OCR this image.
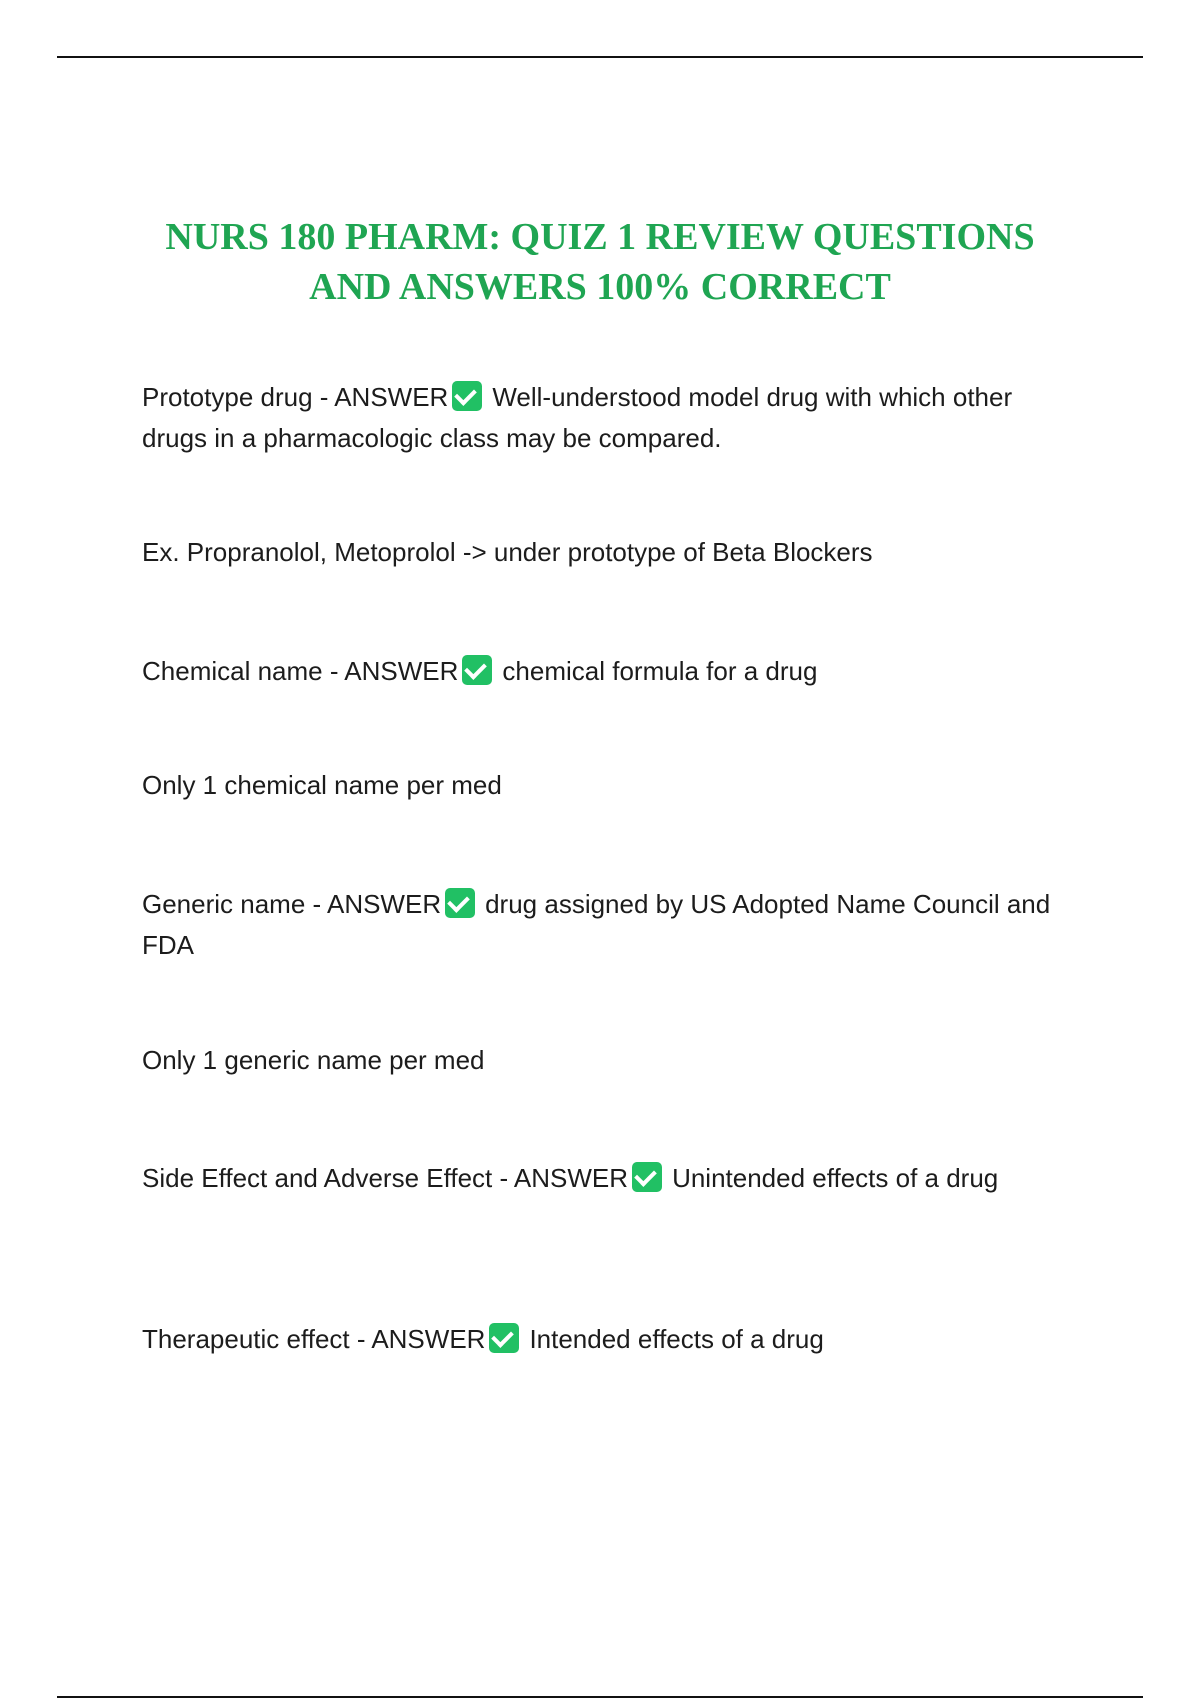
NURS 180 PHARM: QUIZ 1 REVIEW QUESTIONS
AND ANSWERS 100% CORRECT

Prototype drug - ANSWER Well-understood model drug with which other drugs in a pharmacologic class may be compared.

Ex. Propranolol, Metoprolol -> under prototype of Beta Blockers

Chemical name - ANSWER chemical formula for a drug

Only 1 chemical name per med

Generic name - ANSWER drug assigned by US Adopted Name Council and FDA

Only 1 generic name per med

Side Effect and Adverse Effect - ANSWER Unintended effects of a drug

Therapeutic effect - ANSWER Intended effects of a drug
